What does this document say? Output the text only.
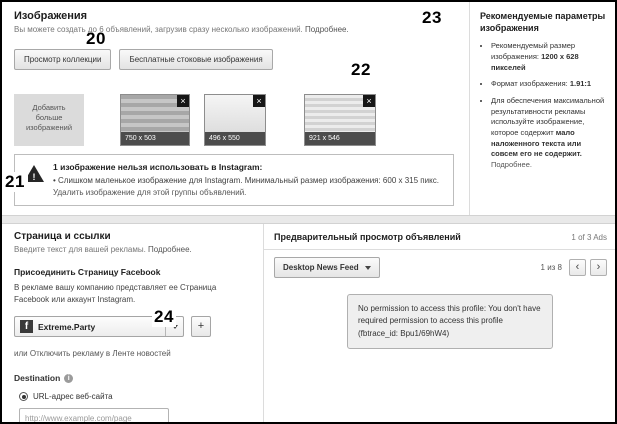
Изображения

Вы можете создать до 6 объявлений, загрузив сразу несколько изображений. Подробнее.

Просмотр коллекции	Бесплатные стоковые изображения
Добавить больше изображений
×
750 x 503
×
496 x 550
×
921 x 546
!
1 изображение нельзя использовать в Instagram:
• Слишком маленькое изображение для Instagram. Минимальный размер изображения: 600 x 315 пикс. Удалить изображение для этой группы объявлений.
Рекомендуемые параметры изображения
• Рекомендуемый размер изображения: 1200 x 628 пикселей
• Формат изображения: 1.91:1
• Для обеспечения максимальной результативности рекламы используйте изображение, которое содержит мало наложенного текста или совсем его не содержит. Подробнее.
Страница и ссылки

Введите текст для вашей рекламы. Подробнее.

Присоединить Страницу Facebook

В рекламе вашу компанию представляет ее Страница Facebook или аккаунт Instagram.

f	Extreme.Party	+

или Отключить рекламу в Ленте новостей

Destination	i
URL-адрес веб-сайта
http://www.example.com/page
Предварительный просмотр объявлений	1 of 3 Ads
Desktop News Feed	1 из 8	‹	›
No permission to access this profile: You don't have required permission to access this profile (fbtrace_id: Bpu1/69hW4)
20
21
22
23
24
